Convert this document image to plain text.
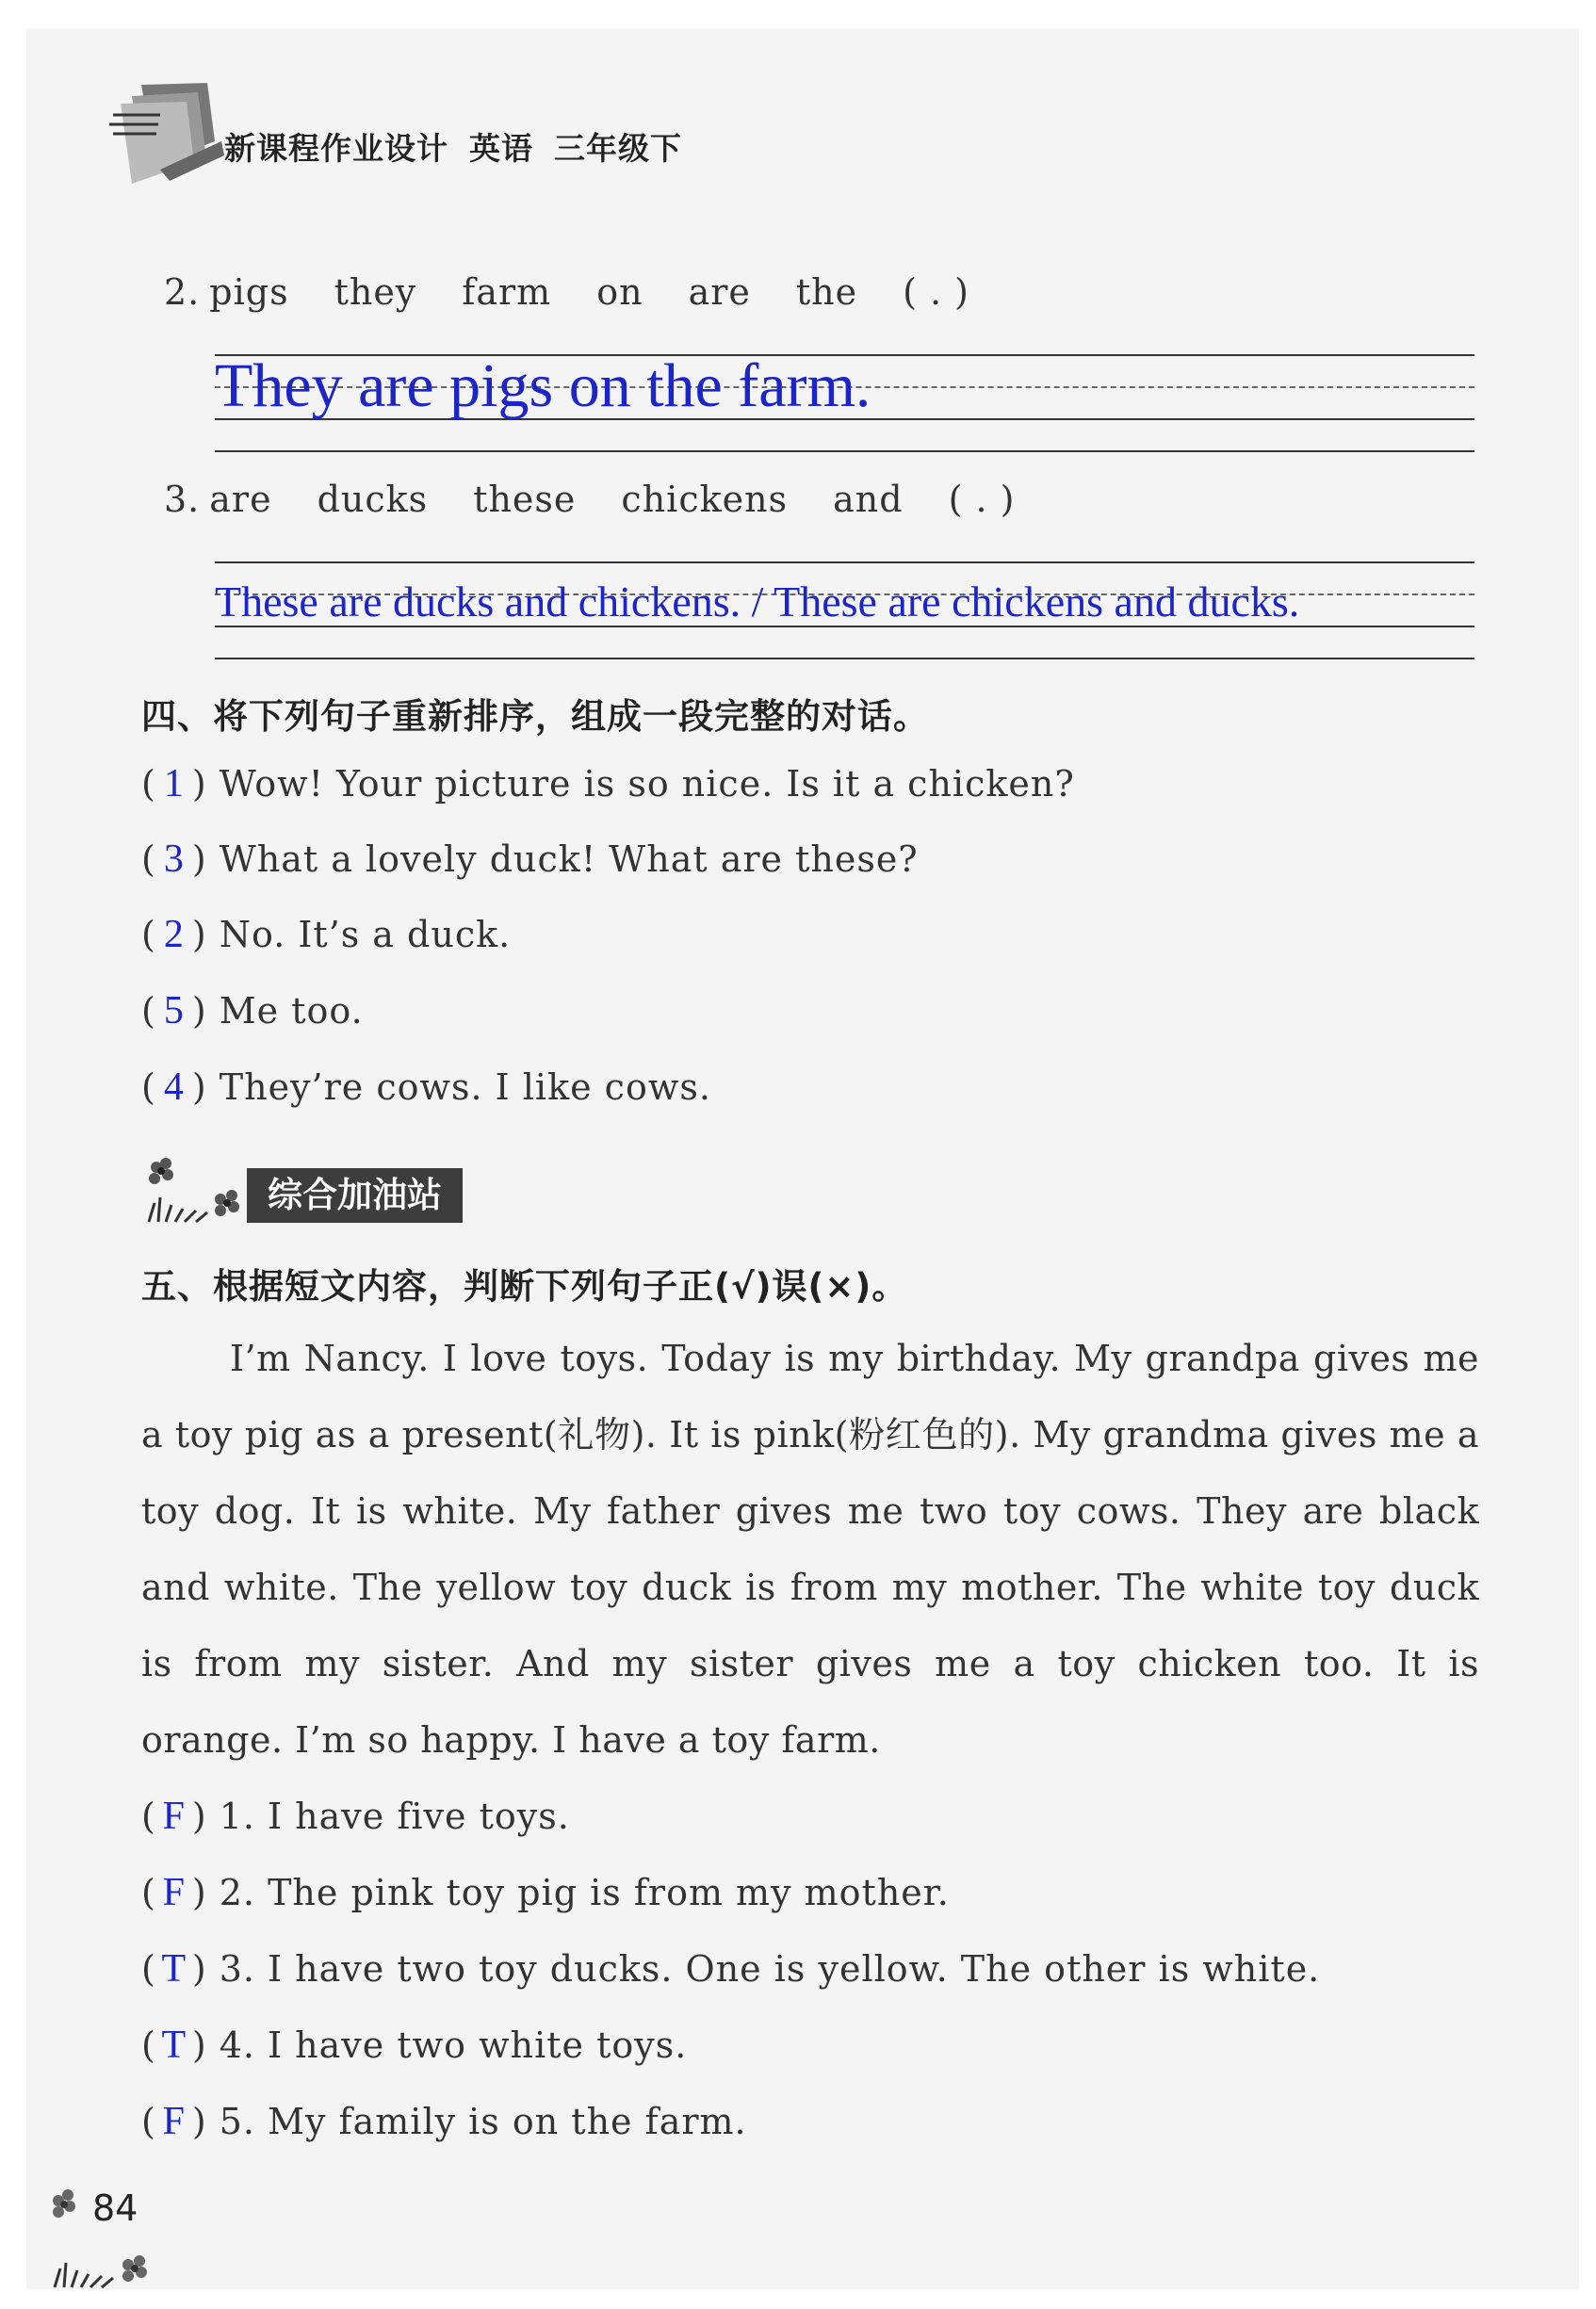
新课程作业设计 英语 三年级下
2. pigs they farm on are the ( . )
They are pigs on the farm.
3. are ducks these chickens and ( . )
These are ducks and chickens. / These are chickens and ducks.
四、将下列句子重新排序，组成一段完整的对话。
( 1 ) Wow! Your picture is so nice. Is it a chicken?
( 3 ) What a lovely duck! What are these?
( 2 ) No. It’s a duck.
( 5 ) Me too.
( 4 ) They’re cows. I like cows.
综合加油站
五、根据短文内容，判断下列句子正(√)误(×)。
I’m Nancy. I love toys. Today is my birthday. My grandpa gives me a toy pig as a present(礼物). It is pink(粉红色的). My grandma gives me a toy dog. It is white. My father gives me two toy cows. They are black and white. The yellow toy duck is from my mother. The white toy duck is from my sister. And my sister gives me a toy chicken too. It is orange. I’m so happy. I have a toy farm.
( F ) 1. I have five toys.
( F ) 2. The pink toy pig is from my mother.
( T ) 3. I have two toy ducks. One is yellow. The other is white.
( T ) 4. I have two white toys.
( F ) 5. My family is on the farm.
84
